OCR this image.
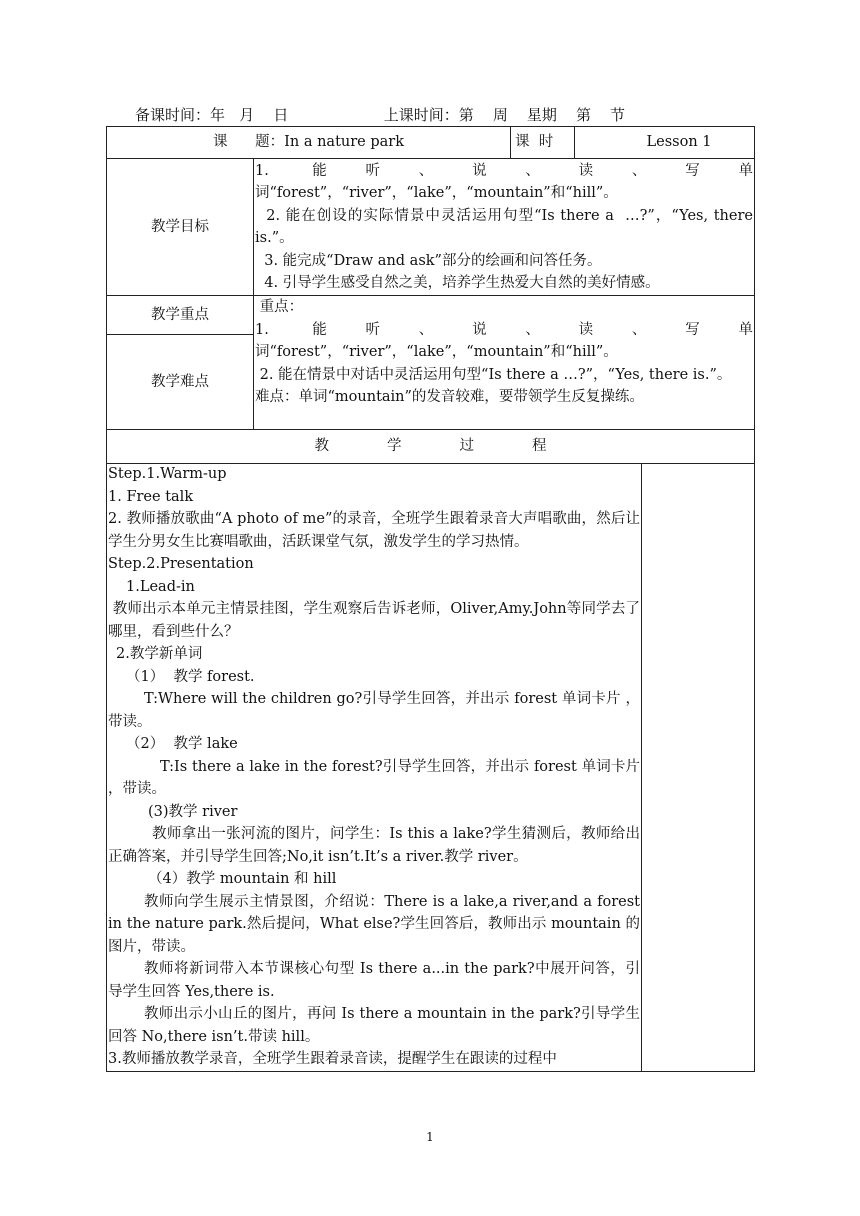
备课时间：年   月    日	上课时间：第    周    星期    第    节
课      题：In a nature park		课  时	Lesson 1
教学目标	1. 能听、说、读、写单词“forest”，“river”，“lake”，“mountain”和“hill”。

2. 能在创设的实际情景中灵活运用句型“Is there a  …?”，“Yes, there is.”。

3. 能完成“Draw and ask”部分的绘画和问答任务。

4. 引导学生感受自然之美，培养学生热爱大自然的美好情感。		

教学重点	重点：

1. 能听、说、读、写单词“forest”，“river”，“lake”，“mountain”和“hill”。

2. 能在情景中对话中灵活运用句型“Is there a …?”，“Yes, there is.”。

难点：单词“mountain”的发音较难，要带领学生反复操练。		

教学难点			
教学过程			
1

Step.1.Warm-up

1. Free talk

2. 教师播放歌曲“A photo of me”的录音，全班学生跟着录音大声唱歌曲，然后让学生分男女生比赛唱歌曲，活跃课堂气氛，激发学生的学习热情。

Step.2.Presentation

1.Lead-in

教师出示本单元主情景挂图，学生观察后告诉老师，Oliver,Amy.John等同学去了哪里，看到些什么？

2.教学新单词

（1）  教学 forest.

T:Where will the children go?引导学生回答，并出示 forest 单词卡片 ，带读。

（2）  教学 lake

T:Is there a lake in the forest?引导学生回答，并出示 forest 单词卡片 ，带读。

(3)教学 river

教师拿出一张河流的图片，问学生：Is this a lake?学生猜测后，教师给出正确答案，并引导学生回答;No,it isn’t.It’s a river.教学 river。

（4）教学 mountain 和 hill

教师向学生展示主情景图，介绍说：There is a lake,a river,and a forest in the nature park.然后提问，What else?学生回答后，教师出示 mountain 的图片，带读。

教师将新词带入本节课核心句型 Is there a...in the park?中展开问答，引导学生回答 Yes,there is.

教师出示小山丘的图片，再问 Is there a mountain in the park?引导学生回答 No,there isn’t.带读 hill。

3.教师播放教学录音，全班学生跟着录音读，提醒学生在跟读的过程中
